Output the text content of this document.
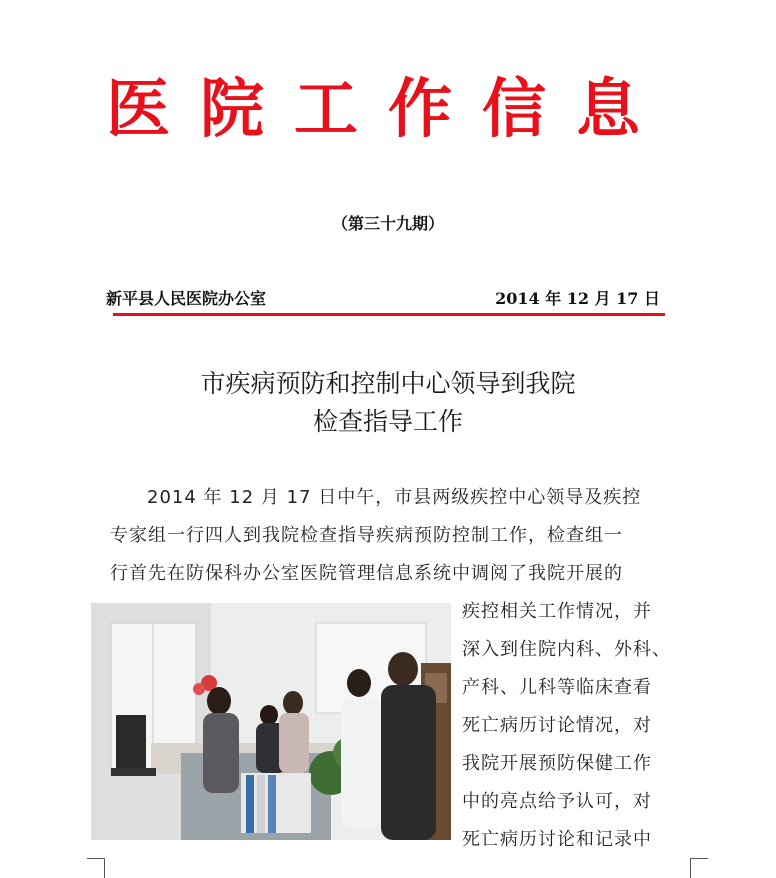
医院工作信息
（第三十九期）
新平县人民医院办公室	2014 年 12 月 17 日
市疾病预防和控制中心领导到我院
检查指导工作
2014 年 12 月 17 日中午，市县两级疾控中心领导及疾控
专家组一行四人到我院检查指导疾病预防控制工作，检查组一
行首先在防保科办公室医院管理信息系统中调阅了我院开展的
疾控相关工作情况，并
深入到住院内科、外科、
产科、儿科等临床查看
死亡病历讨论情况，对
我院开展预防保健工作
中的亮点给予认可，对
死亡病历讨论和记录中
